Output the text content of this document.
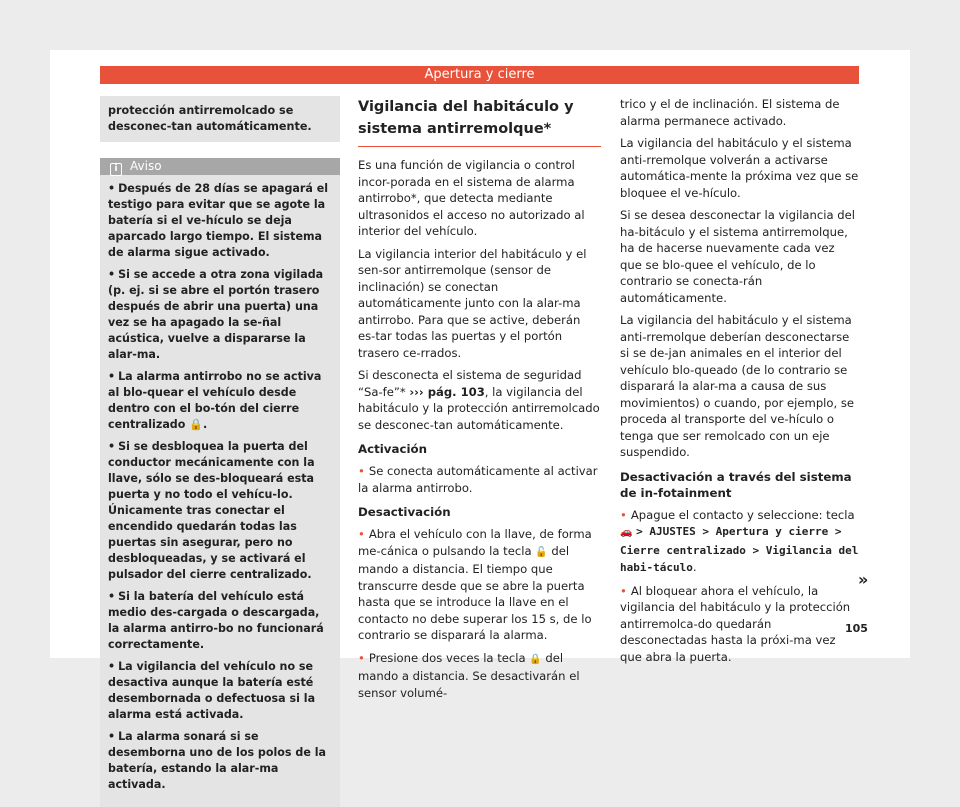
Apertura y cierre
protección antirremolcado se desconec-tan automáticamente.
i Aviso

• Después de 28 días se apagará el testigo para evitar que se agote la batería si el ve-hículo se deja aparcado largo tiempo. El sistema de alarma sigue activado.

• Si se accede a otra zona vigilada (p. ej. si se abre el portón trasero después de abrir una puerta) una vez se ha apagado la se-ñal acústica, vuelve a dispararse la alar-ma.

• La alarma antirrobo no se activa al blo-quear el vehículo desde dentro con el bo-tón del cierre centralizado 🔒.

• Si se desbloquea la puerta del conductor mecánicamente con la llave, sólo se des-bloqueará esta puerta y no todo el vehícu-lo. Únicamente tras conectar el encendido quedarán todas las puertas sin asegurar, pero no desbloqueadas, y se activará el pulsador del cierre centralizado.

• Si la batería del vehículo está medio des-cargada o descargada, la alarma antirro-bo no funcionará correctamente.

• La vigilancia del vehículo no se desactiva aunque la batería esté desembornada o defectuosa si la alarma está activada.

• La alarma sonará si se desemborna uno de los polos de la batería, estando la alar-ma activada.

Vigilancia del habitáculo y sistema antirremolque*

Es una función de vigilancia o control incor-porada en el sistema de alarma antirrobo*, que detecta mediante ultrasonidos el acceso no autorizado al interior del vehículo.

La vigilancia interior del habitáculo y el sen-sor antirremolque (sensor de inclinación) se conectan automáticamente junto con la alar-ma antirrobo. Para que se active, deberán es-tar todas las puertas y el portón trasero ce-rrados.

Si desconecta el sistema de seguridad “Sa-fe”* ››› pág. 103, la vigilancia del habitáculo y la protección antirremolcado se desconec-tan automáticamente.

Activación

• Se conecta automáticamente al activar la alarma antirrobo.

Desactivación

• Abra el vehículo con la llave, de forma me-cánica o pulsando la tecla 🔓 del mando a distancia. El tiempo que transcurre desde que se abre la puerta hasta que se introduce la llave en el contacto no debe superar los 15 s, de lo contrario se disparará la alarma.

• Presione dos veces la tecla 🔒 del mando a distancia. Se desactivarán el sensor volumé-

trico y el de inclinación. El sistema de alarma permanece activado.

La vigilancia del habitáculo y el sistema anti-rremolque volverán a activarse automática-mente la próxima vez que se bloquee el ve-hículo.

Si se desea desconectar la vigilancia del ha-bitáculo y el sistema antirremolque, ha de hacerse nuevamente cada vez que se blo-quee el vehículo, de lo contrario se conecta-rán automáticamente.

La vigilancia del habitáculo y el sistema anti-rremolque deberían desconectarse si se de-jan animales en el interior del vehículo blo-queado (de lo contrario se disparará la alar-ma a causa de sus movimientos) o cuando, por ejemplo, se proceda al transporte del ve-hículo o tenga que ser remolcado con un eje suspendido.

Desactivación a través del sistema de in-fotainment

• Apague el contacto y seleccione: tecla 🚗 > AJUSTES > Apertura y cierre > Cierre centralizado > Vigilancia del habi-táculo.

• Al bloquear ahora el vehículo, la vigilancia del habitáculo y la protección antirremolca-do quedarán desconectadas hasta la próxi-ma vez que abra la puerta.

»
105
